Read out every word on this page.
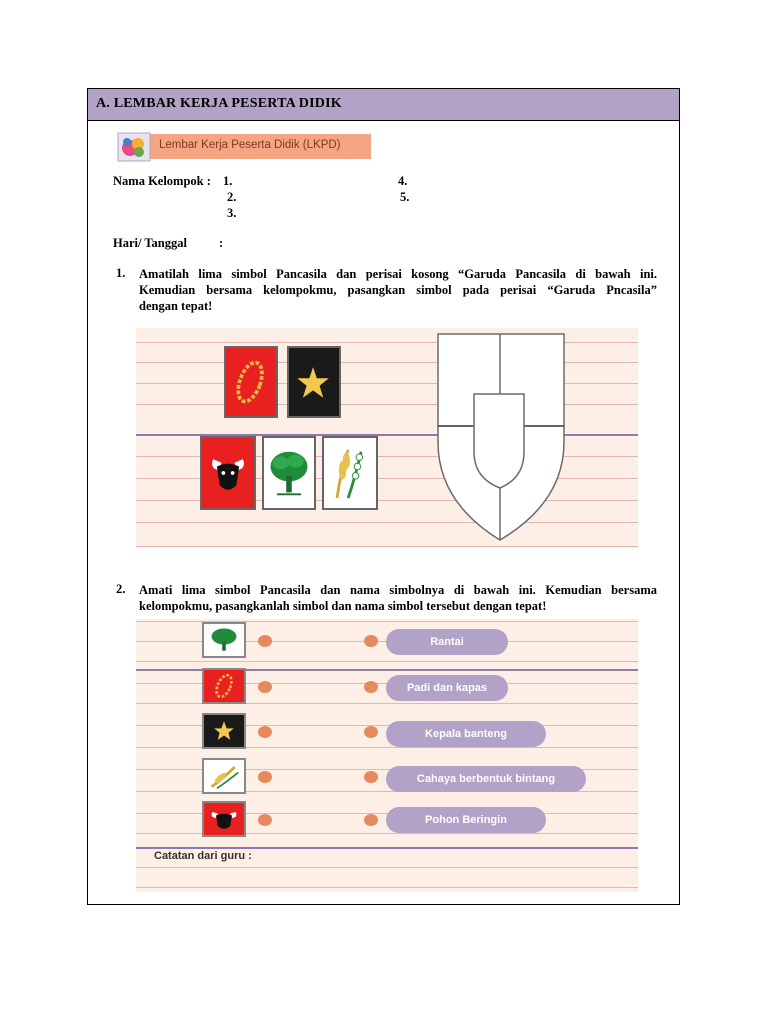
A. LEMBAR KERJA PESERTA DIDIK
Lembar Kerja Peserta Didik (LKPD)
Nama Kelompok : 1.
2.
3.
4.
5.
Hari/ Tanggal	:
1. Amatilah lima simbol Pancasila dan perisai kosong “Garuda Pancasila di bawah ini.
Kemudian bersama kelompokmu, pasangkan simbol pada perisai “Garuda Pncasila”
dengan tepat!
2. Amati lima simbol Pancasila dan nama simbolnya di bawah ini. Kemudian bersama
kelompokmu, pasangkanlah simbol dan nama simbol tersebut dengan tepat!
Rantai
Padi dan kapas
Kepala banteng
Cahaya berbentuk bintang
Pohon Beringin
Catatan dari guru :
